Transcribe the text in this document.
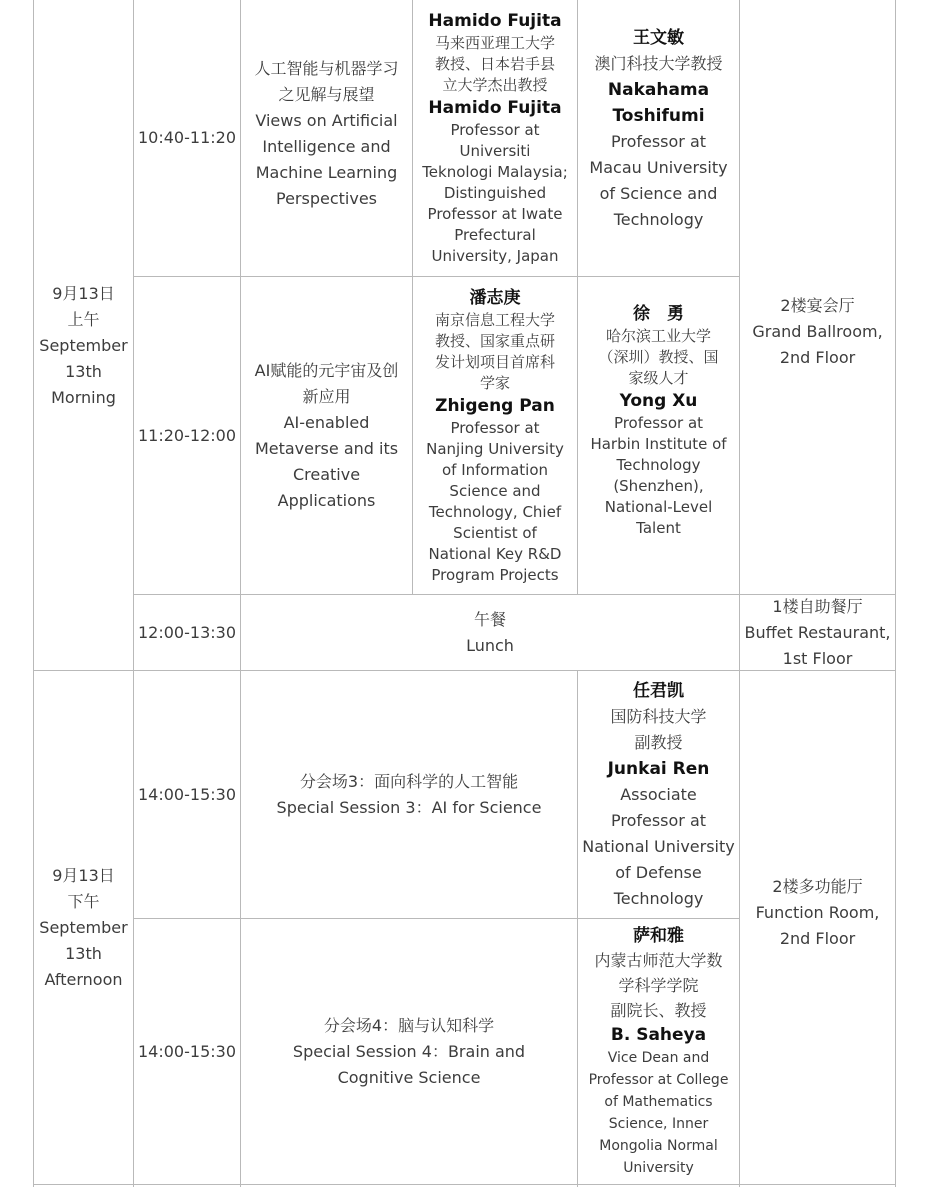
9月13日
上午
September
13th
Morning
10:40-11:20
人工智能与机器学习
之见解与展望
Views on Artificial
Intelligence and
Machine Learning
Perspectives
Hamido Fujita
马来西亚理工大学
教授、日本岩手县
立大学杰出教授
Hamido Fujita
Professor at
Universiti
Teknologi Malaysia;
Distinguished
Professor at Iwate
Prefectural
University, Japan
王文敏
澳门科技大学教授
Nakahama
Toshifumi
Professor at
Macau University
of Science and
Technology
11:20-12:00
AI赋能的元宇宙及创
新应用
AI-enabled
Metaverse and its
Creative
Applications
潘志庚
南京信息工程大学
教授、国家重点研
发计划项目首席科
学家
Zhigeng Pan
Professor at
Nanjing University
of Information
Science and
Technology, Chief
Scientist of
National Key R&D
Program Projects
徐　勇
哈尔滨工业大学
（深圳）教授、国
家级人才
Yong Xu
Professor at
Harbin Institute of
Technology
(Shenzhen),
National-Level
Talent
2楼宴会厅
Grand Ballroom,
2nd Floor
12:00-13:30
午餐
Lunch
1楼自助餐厅
Buffet Restaurant,
1st Floor
9月13日
下午
September
13th
Afternoon
14:00-15:30
分会场3：面向科学的人工智能
Special Session 3：AI for Science
任君凯
国防科技大学
副教授
Junkai Ren
Associate
Professor at
National University
of Defense
Technology
14:00-15:30
分会场4：脑与认知科学
Special Session 4：Brain and
Cognitive Science
萨和雅
内蒙古师范大学数
学科学学院
副院长、教授
B. Saheya
Vice Dean and
Professor at College
of Mathematics
Science, Inner
Mongolia Normal
University
2楼多功能厅
Function Room,
2nd Floor
